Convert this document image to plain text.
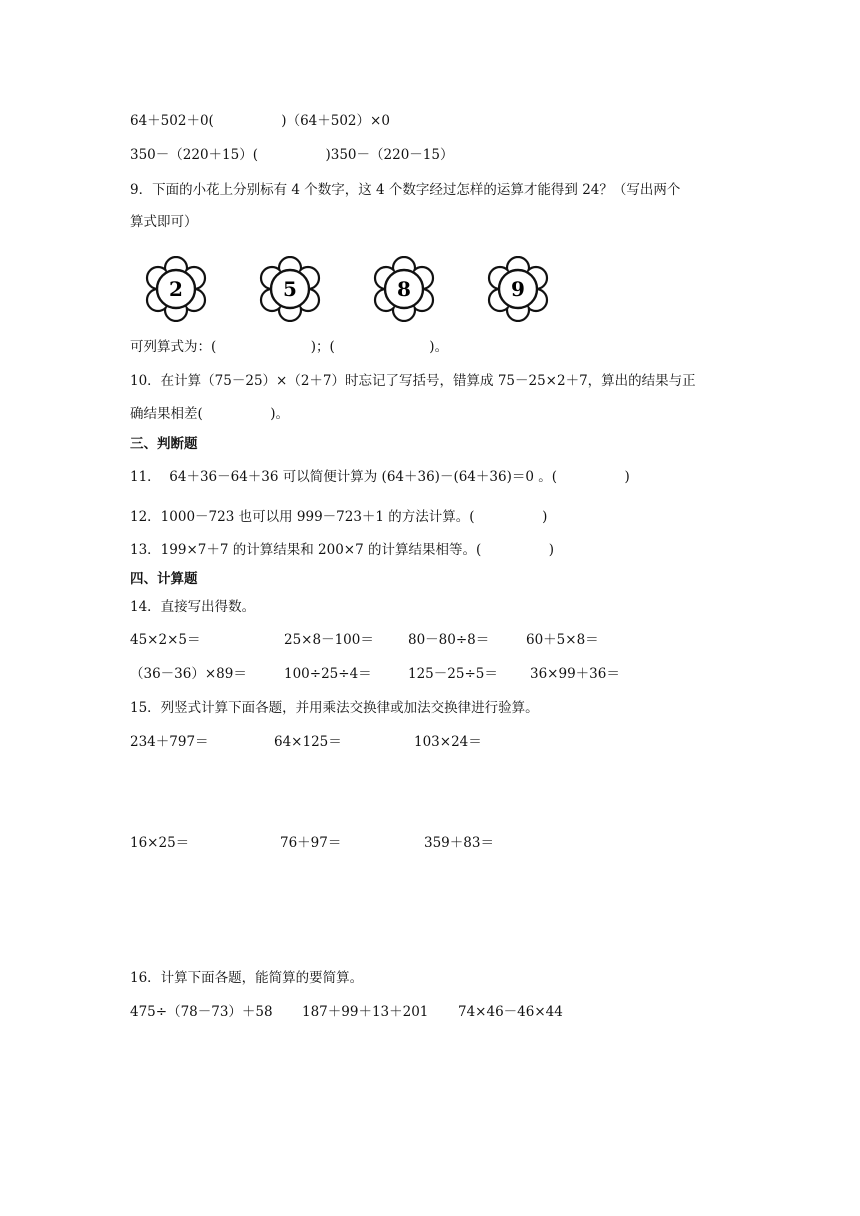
64＋502＋0(　　　　　)（64＋502）×0
350－（220＋15）(　　　　　)350－（220－15）
9．下面的小花上分别标有 4 个数字，这 4 个数字经过怎样的运算才能得到 24？（写出两个
算式即可）
2	5	8	9
可列算式为：(　　　　　　　)；(　　　　　　　)。
10．在计算（75－25）×（2＋7）时忘记了写括号，错算成 75－25×2＋7，算出的结果与正
确结果相差(　　　　　)。
三、判断题
11．  64＋36－64＋36 可以简便计算为 (64＋36)－(64＋36)＝0 。(　　　　　)
12．1000－723 也可以用 999－723＋1 的方法计算。(　　　　　)
13．199×7＋7 的计算结果和 200×7 的计算结果相等。(　　　　　)
四、计算题
14．直接写出得数。
45×2×5＝	25×8－100＝	80－80÷8＝	60＋5×8＝
（36－36）×89＝	100÷25÷4＝	125－25÷5＝ 36×99＋36＝
15．列竖式计算下面各题，并用乘法交换律或加法交换律进行验算。
234＋797＝	64×125＝	103×24＝
16×25＝	76＋97＝	359＋83＝
16．计算下面各题，能简算的要简算。
475÷（78－73）＋58 187＋99＋13＋201 74×46－46×44
